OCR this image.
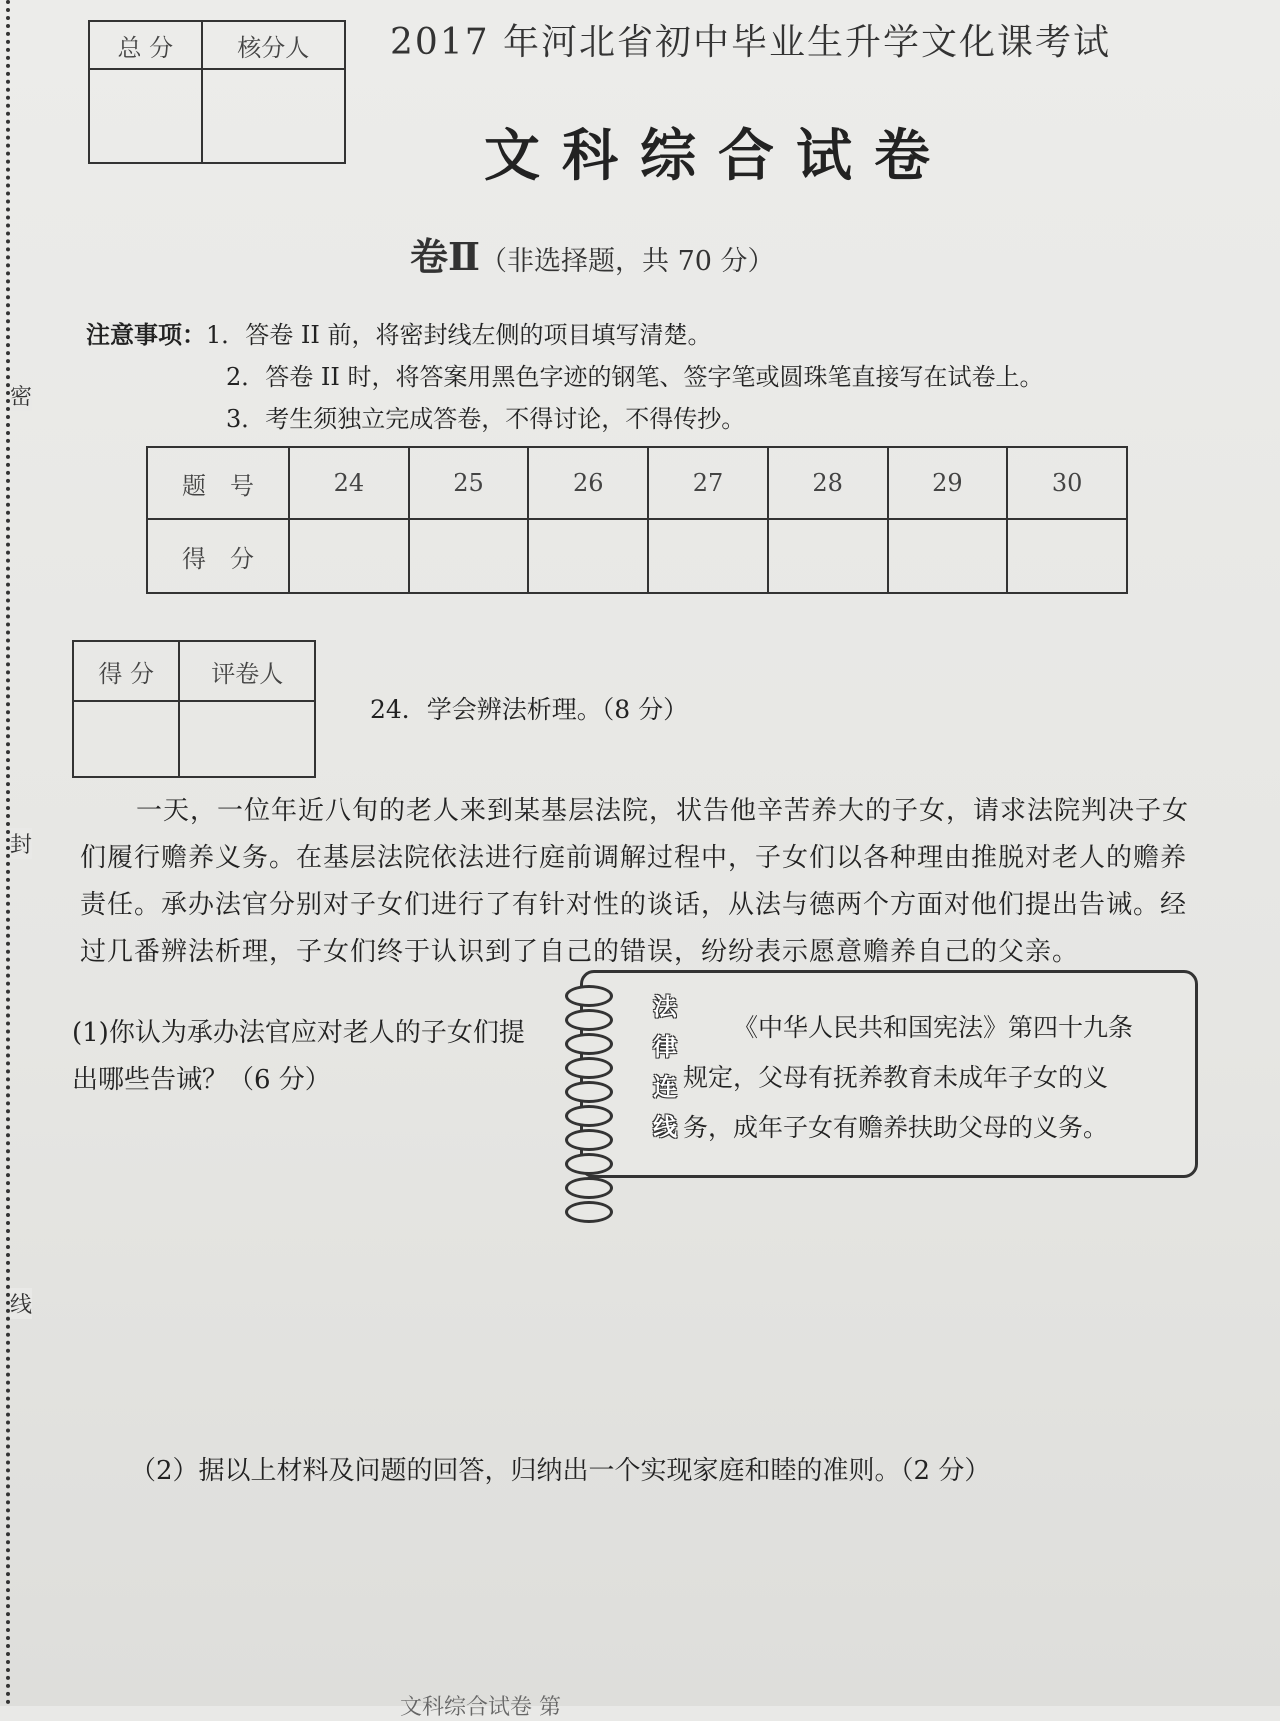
密
封
线
总 分	核分人
	2017 年河北省初中毕业生升学文化课考试
文科综合试卷
卷Ⅱ（非选择题，共 70 分）
注意事项：1．答卷 II 前，将密封线左侧的项目填写清楚。
2．答卷 II 时，将答案用黑色字迹的钢笔、签字笔或圆珠笔直接写在试卷上。
3．考生须独立完成答卷，不得讨论，不得传抄。
题　号	24	25	26	27	28	29	30
得　分							
得 分	评卷人

24．学会辨法析理。（8 分）

一天，一位年近八旬的老人来到某基层法院，状告他辛苦养大的子女，请求法院判决子女们履行赡养义务。在基层法院依法进行庭前调解过程中，子女们以各种理由推脱对老人的赡养责任。承办法官分别对子女们进行了有针对性的谈话，从法与德两个方面对他们提出告诫。经过几番辨法析理，子女们终于认识到了自己的错误，纷纷表示愿意赡养自己的父亲。

(1)你认为承办法官应对老人的子女们提出哪些告诫？（6 分）
法
律
连
线
《中华人民共和国宪法》第四十九条
规定，父母有抚养教育未成年子女的义
务，成年子女有赡养扶助父母的义务。
（2）据以上材料及问题的回答，归纳出一个实现家庭和睦的准则。（2 分）
文科综合试卷 第
